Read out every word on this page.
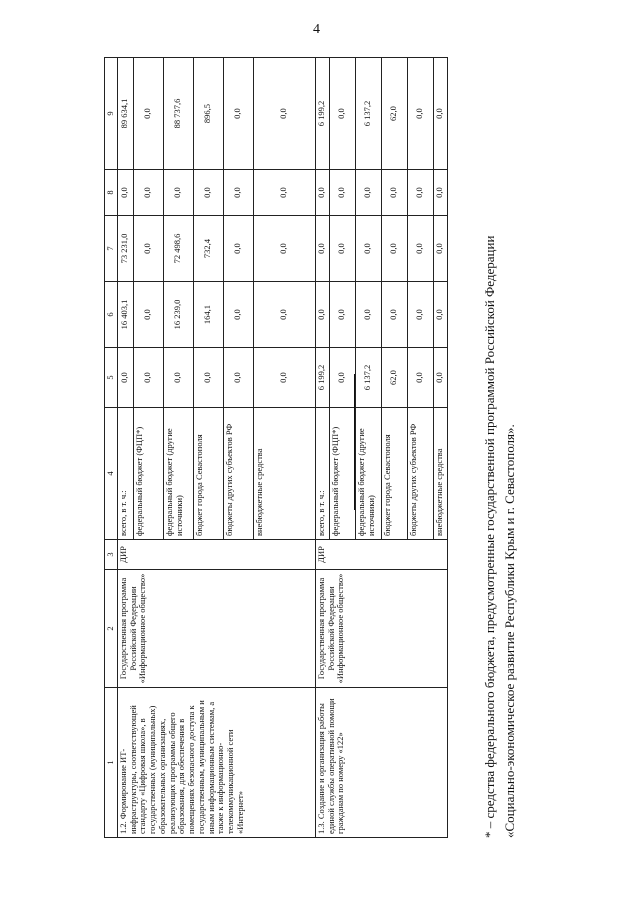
4
1	2	3	4	5	6	7	8	9
1.2. Формирование ИТ-инфраструктуры, соответствующей стандарту «Цифровая школа», в государственных (муниципальных) образовательных организациях, реализующих программы общего образования, для обеспечения в помещениях безопасного доступа к государственным, муниципальным и иным информационным системам, а также к информационно-телекоммуникационной сети «Интернет»	Государственная программа Российской Федерации «Информационное общество»	ДИР	всего, в т. ч.:	0,0	16 403,1	73 231,0	0,0	89 634,1
			федеральный бюджет (ФЦП*)	0,0	0,0	0,0	0,0	0,0
			федеральный бюджет (другие источники)	0,0	16 239,0	72 498,6	0,0	88 737,6
			бюджет города Севастополя	0,0	164,1	732,4	0,0	896,5
			бюджеты других субъектов РФ	0,0	0,0	0,0	0,0	0,0
			внебюджетные средства	0,0	0,0	0,0	0,0	0,0
1.3. Создание и организация работы единой службы оперативной помощи гражданам по номеру «122»	Государственная программа Российской Федерации «Информационное общество»	ДИР	всего, в т. ч.:	6 199,2	0,0	0,0	0,0	6 199,2
			федеральный бюджет (ФЦП*)	0,0	0,0	0,0	0,0	0,0
			федеральный бюджет (другие источники)	6 137,2	0,0	0,0	0,0	6 137,2
			бюджет города Севастополя	62,0	0,0	0,0	0,0	62,0
			бюджеты других субъектов РФ	0,0	0,0	0,0	0,0	0,0
			внебюджетные средства	0,0	0,0	0,0	0,0	0,0

* – средства федерального бюджета, предусмотренные государственной программой Российской Федерации «Социально-экономическое развитие Республики Крым и г. Севастополя».
